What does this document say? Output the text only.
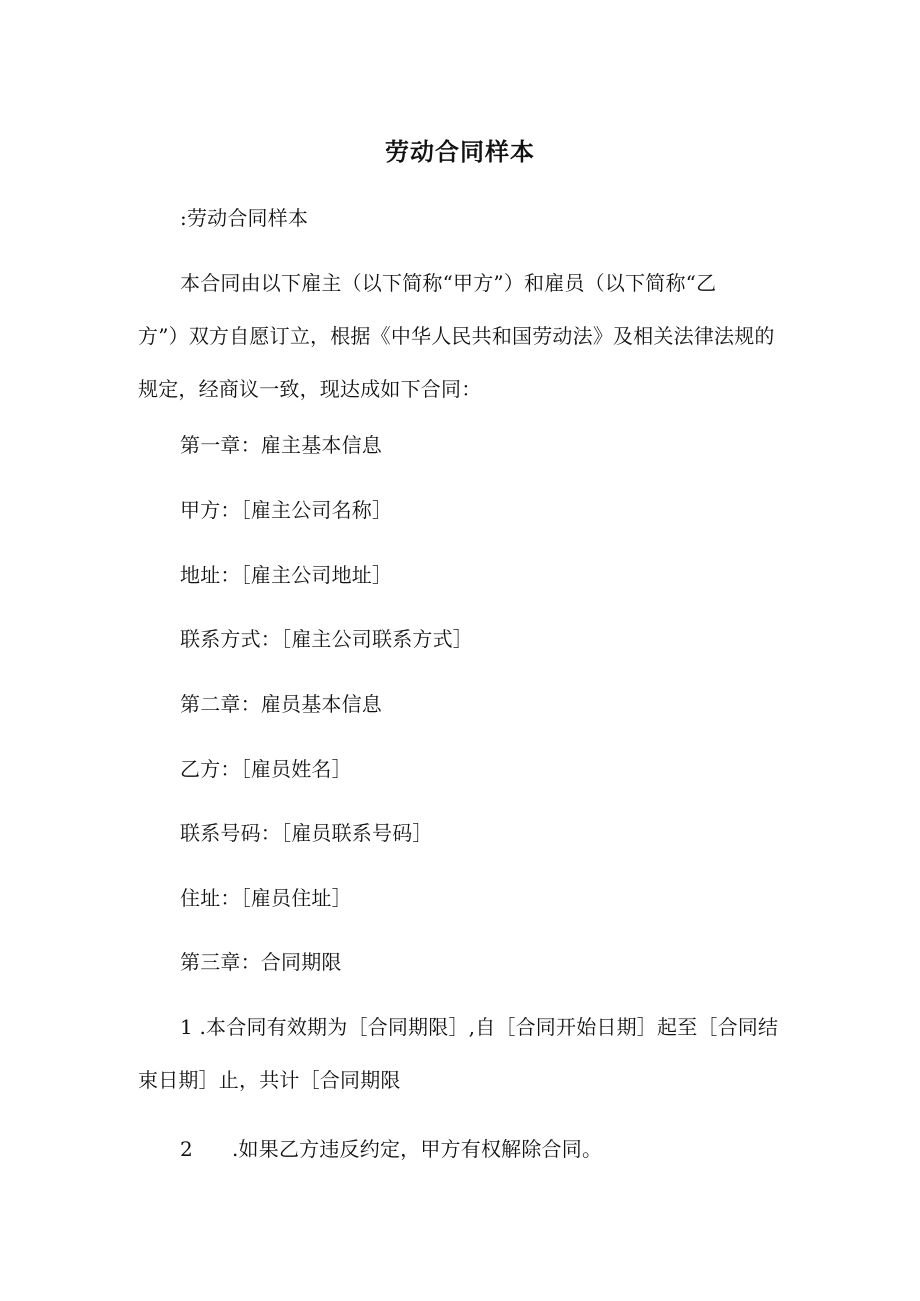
劳动合同样本
:劳动合同样本
本合同由以下雇主（以下简称“甲方”）和雇员（以下简称“乙
方”）双方自愿订立，根据《中华人民共和国劳动法》及相关法律法规的
规定，经商议一致，现达成如下合同：
第一章：雇主基本信息
甲方：［雇主公司名称］
地址：［雇主公司地址］
联系方式：［雇主公司联系方式］
第二章：雇员基本信息
乙方：［雇员姓名］
联系号码：［雇员联系号码］
住址：［雇员住址］
第三章：合同期限
1 .本合同有效期为［合同期限］,自［合同开始日期］起至［合同结
束日期］止，共计［合同期限
2 .如果乙方违反约定，甲方有权解除合同。
